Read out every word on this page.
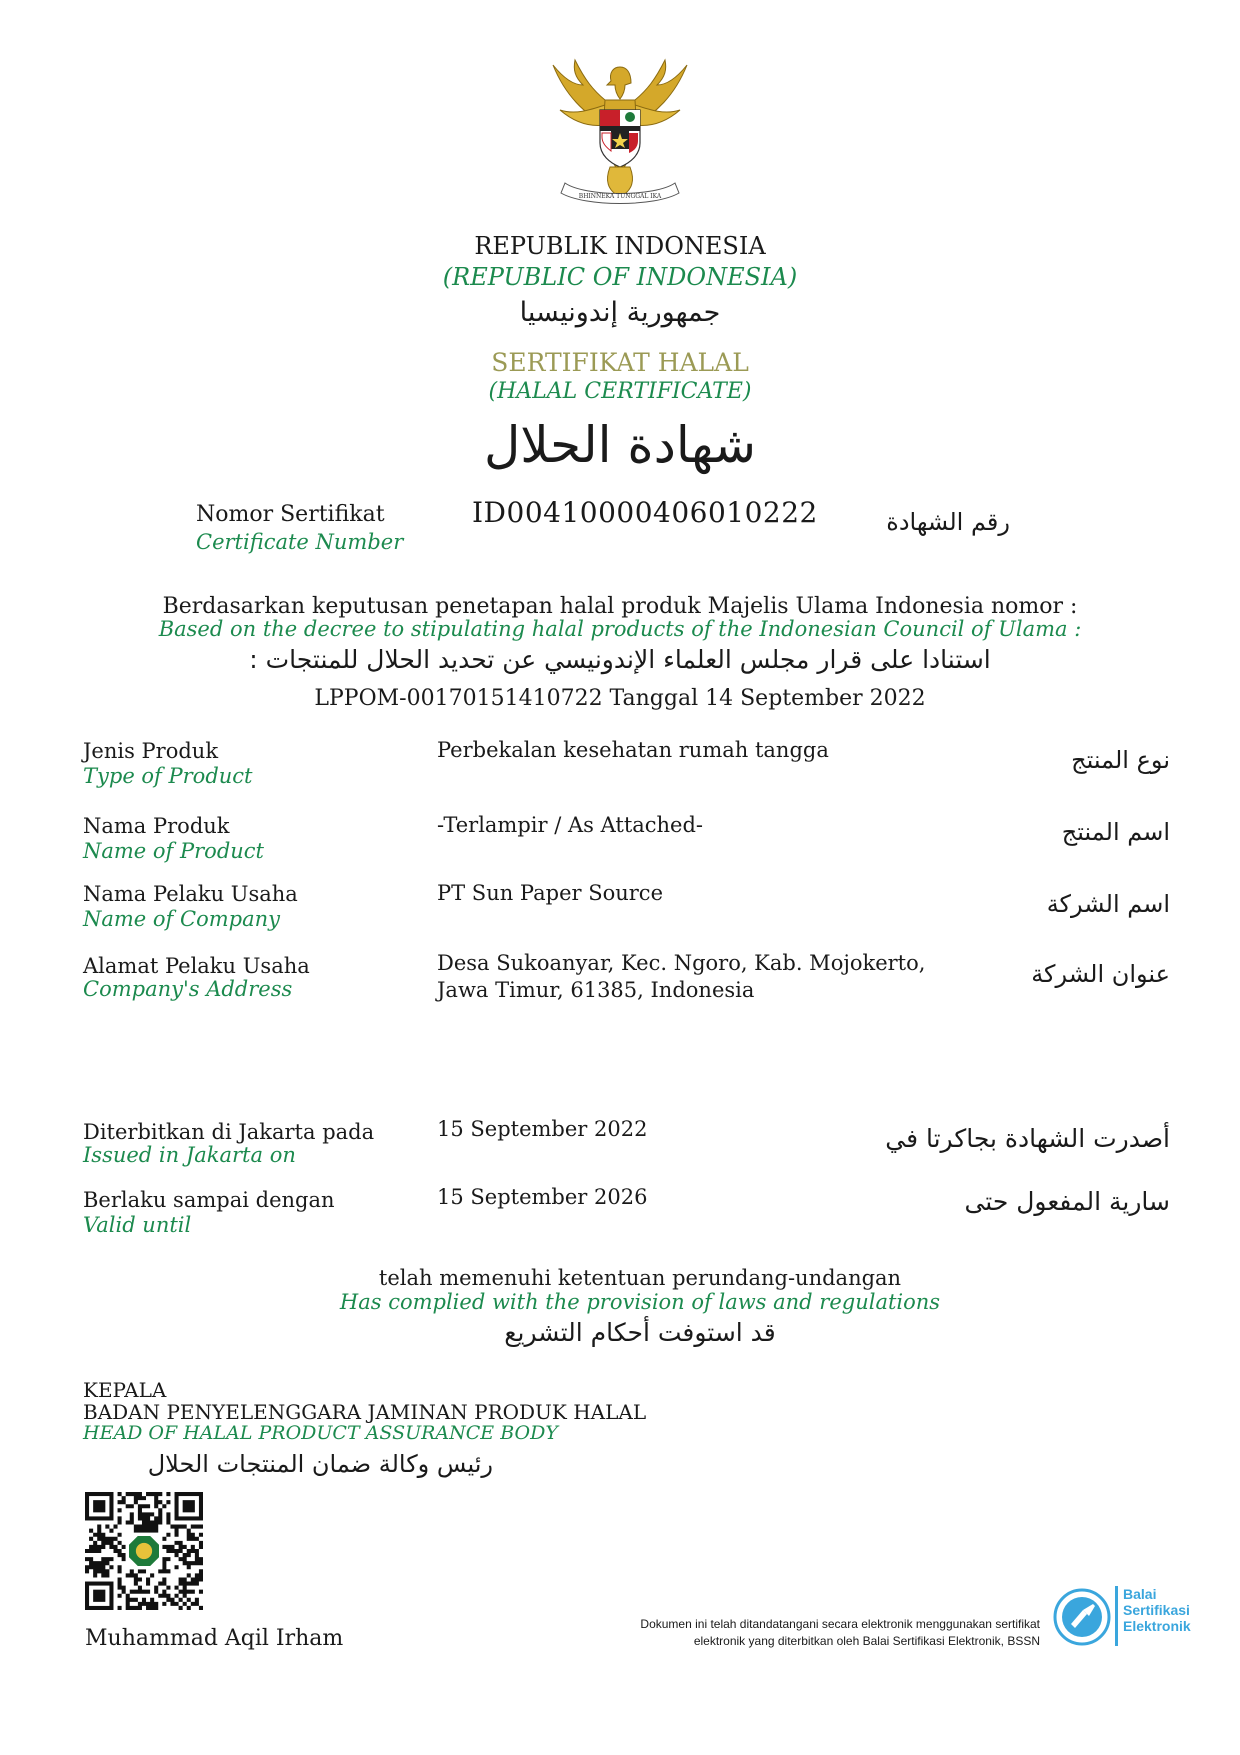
BHINNEKA TUNGGAL IKA
REPUBLIK INDONESIA
(REPUBLIC OF INDONESIA)
جمهورية إندونيسيا
SERTIFIKAT HALAL
(HALAL CERTIFICATE)
شهادة الحلال
Nomor Sertifikat
Certificate Number
ID00410000406010222	رقم الشهادة
Berdasarkan keputusan penetapan halal produk Majelis Ulama Indonesia nomor :
Based on the decree to stipulating halal products of the Indonesian Council of Ulama :
استنادا على قرار مجلس العلماء الإندونيسي عن تحديد الحلال للمنتجات :
LPPOM-00170151410722 Tanggal 14 September 2022
Jenis Produk
Type of Product
Perbekalan kesehatan rumah tangga	نوع المنتج
Nama Produk
Name of Product
-Terlampir / As Attached-	اسم المنتج
Nama Pelaku Usaha
Name of Company
PT Sun Paper Source	اسم الشركة
Alamat Pelaku Usaha
Company's Address
Desa Sukoanyar, Kec. Ngoro, Kab. Mojokerto,
Jawa Timur, 61385, Indonesia
عنوان الشركة
Diterbitkan di Jakarta pada
Issued in Jakarta on
15 September 2022	أصدرت الشهادة بجاكرتا في
Berlaku sampai dengan
Valid until
15 September 2026	سارية المفعول حتى
telah memenuhi ketentuan perundang-undangan
Has complied with the provision of laws and regulations
قد استوفت أحكام التشريع
KEPALA
BADAN PENYELENGGARA JAMINAN PRODUK HALAL
HEAD OF HALAL PRODUCT ASSURANCE BODY
رئيس وكالة ضمان المنتجات الحلال
Muhammad Aqil Irham
Dokumen ini telah ditandatangani secara elektronik menggunakan sertifikat
elektronik yang diterbitkan oleh Balai Sertifikasi Elektronik, BSSN
Balai
Sertifikasi
Elektronik
